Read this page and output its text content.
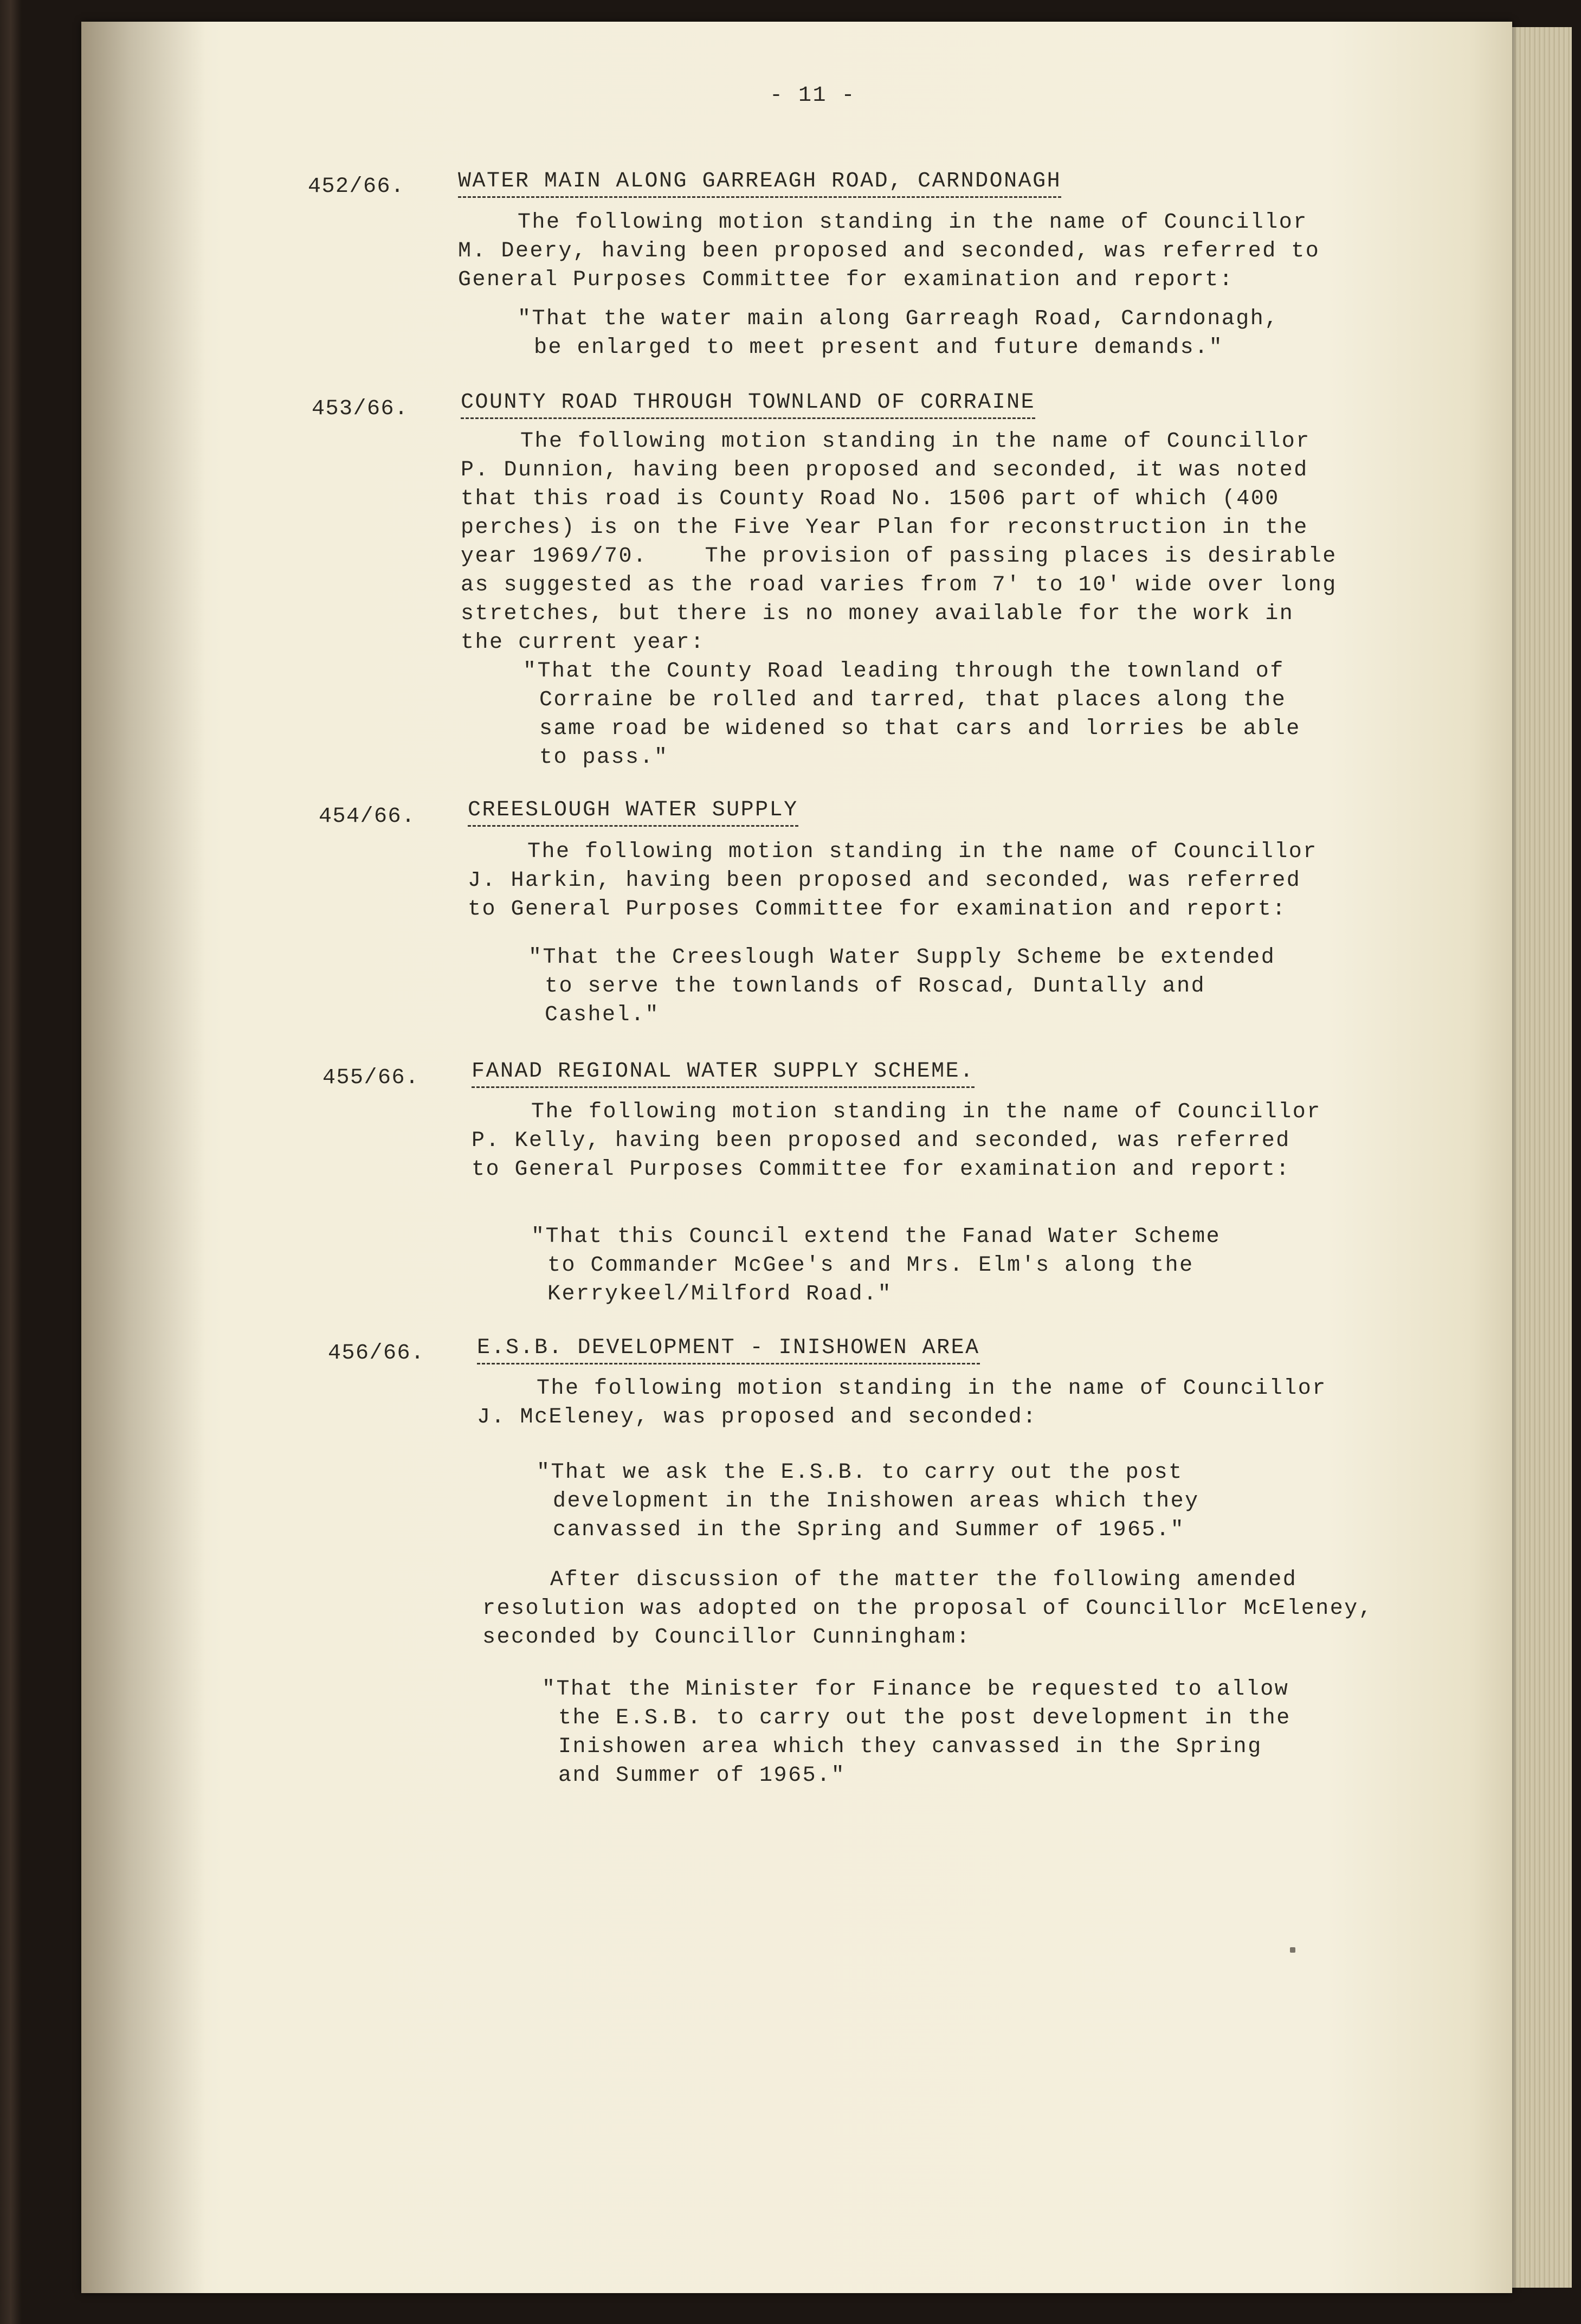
- 11 -

452/66. WATER MAIN ALONG GARREAGH ROAD, CARNDONAGH

The following motion standing in the name of Councillor
M. Deery, having been proposed and seconded, was referred to
General Purposes Committee for examination and report:
"That the water main along Garreagh Road, Carndonagh,
be enlarged to meet present and future demands."

453/66. COUNTY ROAD THROUGH TOWNLAND OF CORRAINE

The following motion standing in the name of Councillor
P. Dunnion, having been proposed and seconded, it was noted
that this road is County Road No. 1506 part of which (400
perches) is on the Five Year Plan for reconstruction in the
year 1969/70.    The provision of passing places is desirable
as suggested as the road varies from 7' to 10' wide over long
stretches, but there is no money available for the work in
the current year:
"That the County Road leading through the townland of
Corraine be rolled and tarred, that places along the
same road be widened so that cars and lorries be able
to pass."

454/66. CREESLOUGH WATER SUPPLY

The following motion standing in the name of Councillor
J. Harkin, having been proposed and seconded, was referred
to General Purposes Committee for examination and report:
"That the Creeslough Water Supply Scheme be extended
to serve the townlands of Roscad, Duntally and
Cashel."

455/66. FANAD REGIONAL WATER SUPPLY SCHEME.

The following motion standing in the name of Councillor
P. Kelly, having been proposed and seconded, was referred
to General Purposes Committee for examination and report:
"That this Council extend the Fanad Water Scheme
to Commander McGee's and Mrs. Elm's along the
Kerrykeel/Milford Road."

456/66. E.S.B. DEVELOPMENT - INISHOWEN AREA

The following motion standing in the name of Councillor
J. McEleney, was proposed and seconded:
"That we ask the E.S.B. to carry out the post
development in the Inishowen areas which they
canvassed in the Spring and Summer of 1965."
After discussion of the matter the following amended
resolution was adopted on the proposal of Councillor McEleney,
seconded by Councillor Cunningham:
"That the Minister for Finance be requested to allow
the E.S.B. to carry out the post development in the
Inishowen area which they canvassed in the Spring
and Summer of 1965."
